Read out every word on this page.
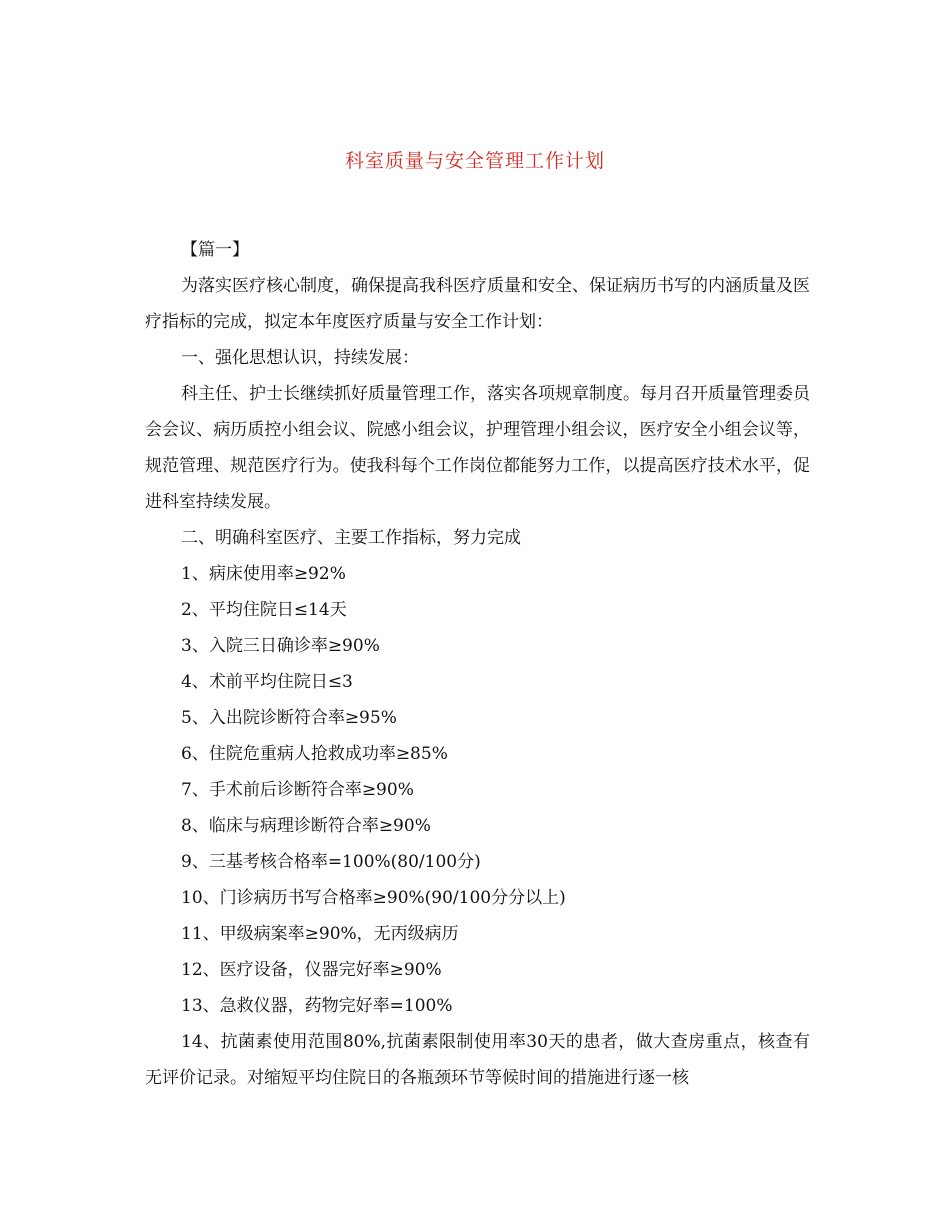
科室质量与安全管理工作计划

【篇一】

为落实医疗核心制度，确保提高我科医疗质量和安全、保证病历书写的内涵质量及医疗指标的完成，拟定本年度医疗质量与安全工作计划：

一、强化思想认识，持续发展：

科主任、护士长继续抓好质量管理工作，落实各项规章制度。每月召开质量管理委员会会议、病历质控小组会议、院感小组会议，护理管理小组会议，医疗安全小组会议等，规范管理、规范医疗行为。使我科每个工作岗位都能努力工作，以提高医疗技术水平，促进科室持续发展。

二、明确科室医疗、主要工作指标，努力完成

1、病床使用率≥92%

2、平均住院日≤14天

3、入院三日确诊率≥90%

4、术前平均住院日≤3

5、入出院诊断符合率≥95%

6、住院危重病人抢救成功率≥85%

7、手术前后诊断符合率≥90%

8、临床与病理诊断符合率≥90%

9、三基考核合格率=100%(80/100分)

10、门诊病历书写合格率≥90%(90/100分分以上)

11、甲级病案率≥90%，无丙级病历

12、医疗设备，仪器完好率≥90%

13、急救仪器，药物完好率=100%

14、抗菌素使用范围80%,抗菌素限制使用率30天的患者，做大查房重点，核查有无评价记录。对缩短平均住院日的各瓶颈环节等候时间的措施进行逐一核
